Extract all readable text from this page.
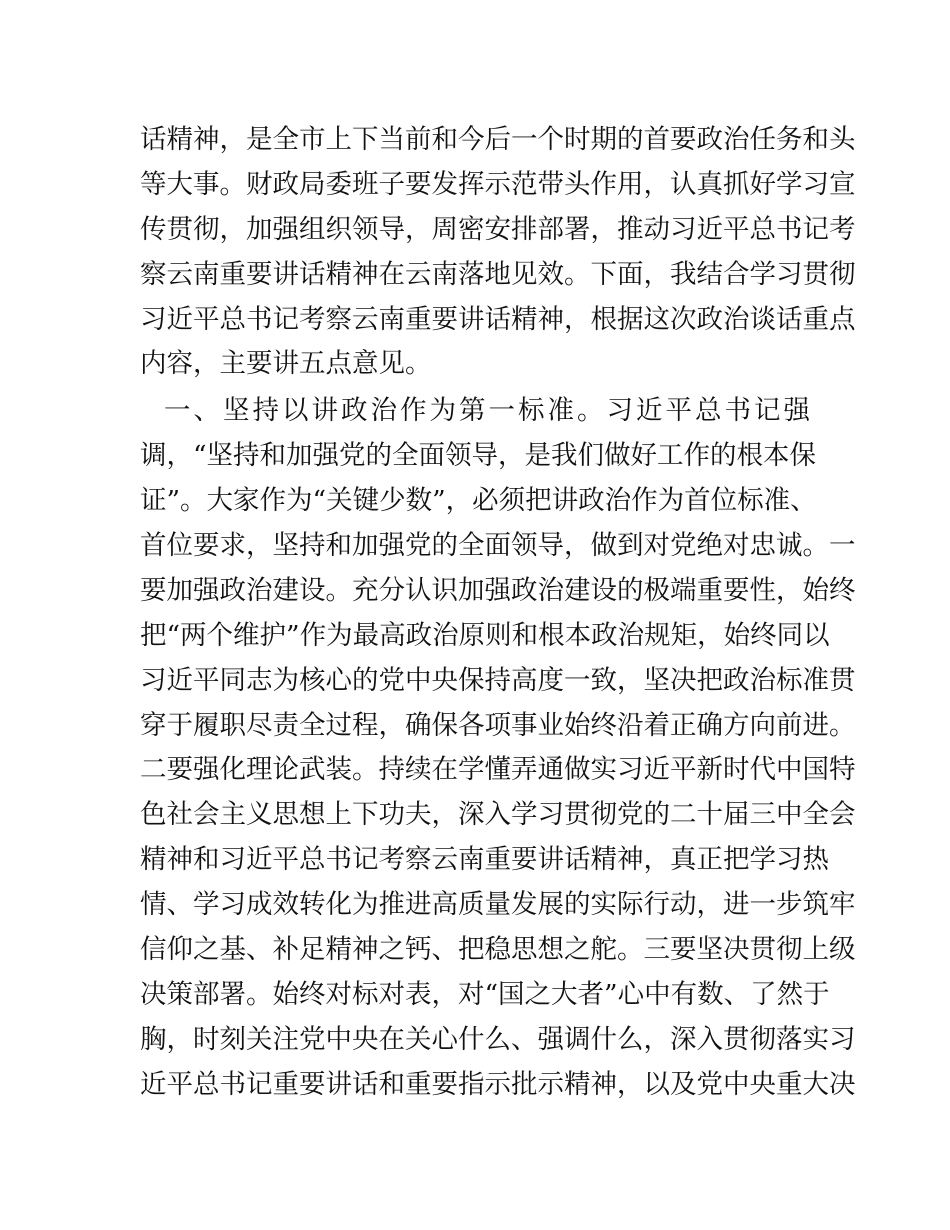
话精神，是全市上下当前和今后一个时期的首要政治任务和头
等大事。财政局委班子要发挥示范带头作用，认真抓好学习宣
传贯彻，加强组织领导，周密安排部署，推动习近平总书记考
察云南重要讲话精神在云南落地见效。下面，我结合学习贯彻
习近平总书记考察云南重要讲话精神，根据这次政治谈话重点
内容，主要讲五点意见。
一、坚持以讲政治作为第一标准。习近平总书记强
调，“坚持和加强党的全面领导，是我们做好工作的根本保
证”。大家作为“关键少数”，必须把讲政治作为首位标准、
首位要求，坚持和加强党的全面领导，做到对党绝对忠诚。一
要加强政治建设。充分认识加强政治建设的极端重要性，始终
把“两个维护”作为最高政治原则和根本政治规矩，始终同以
习近平同志为核心的党中央保持高度一致，坚决把政治标准贯
穿于履职尽责全过程，确保各项事业始终沿着正确方向前进。
二要强化理论武装。持续在学懂弄通做实习近平新时代中国特
色社会主义思想上下功夫，深入学习贯彻党的二十届三中全会
精神和习近平总书记考察云南重要讲话精神，真正把学习热
情、学习成效转化为推进高质量发展的实际行动，进一步筑牢
信仰之基、补足精神之钙、把稳思想之舵。三要坚决贯彻上级
决策部署。始终对标对表，对“国之大者”心中有数、了然于
胸，时刻关注党中央在关心什么、强调什么，深入贯彻落实习
近平总书记重要讲话和重要指示批示精神，以及党中央重大决
